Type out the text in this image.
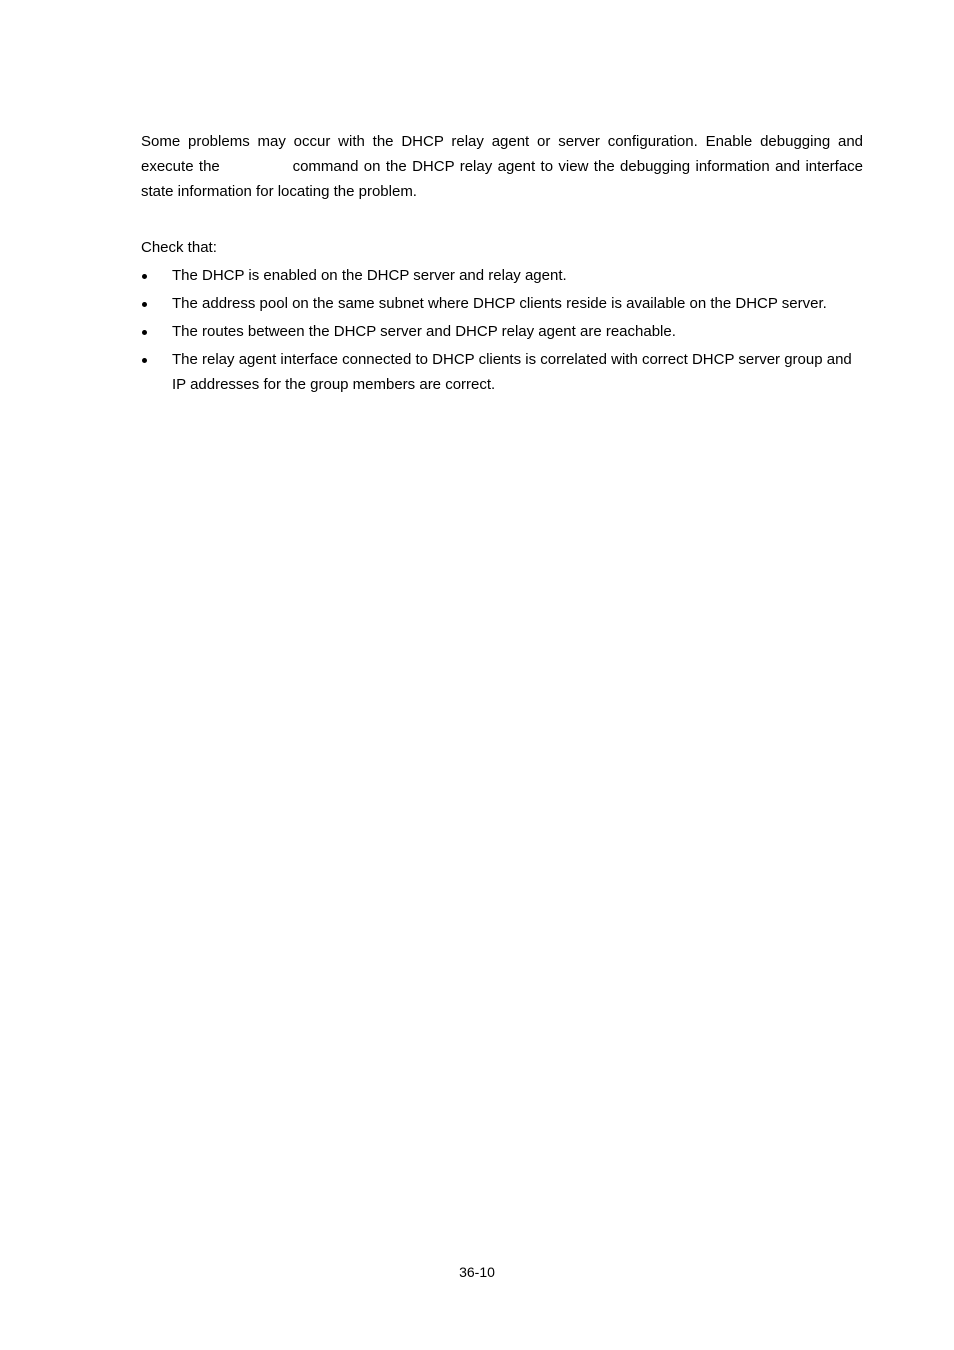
Some problems may occur with the DHCP relay agent or server configuration. Enable debugging and execute the	command on the DHCP relay agent to view the debugging information and interface state information for locating the problem.

Check that:

The DHCP is enabled on the DHCP server and relay agent.
The address pool on the same subnet where DHCP clients reside is available on the DHCP server.
The routes between the DHCP server and DHCP relay agent are reachable.
The relay agent interface connected to DHCP clients is correlated with correct DHCP server group and IP addresses for the group members are correct.
36-10
